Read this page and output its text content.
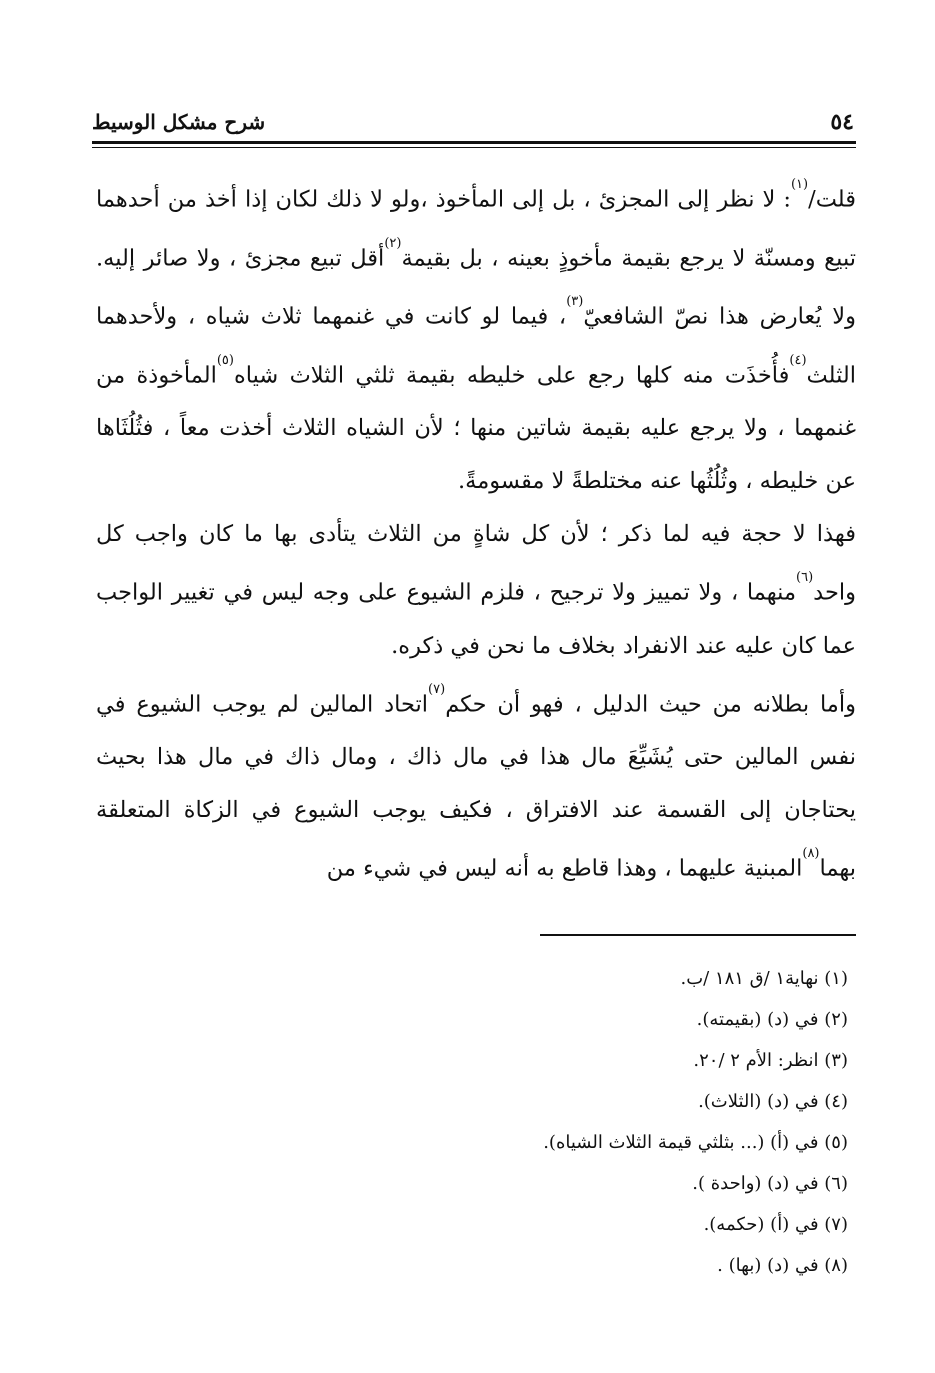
٥٤
شرح مشكل الوسيط

قلت/$^{(١)}$: لا نظر إلى المجزئ ، بل إلى المأخوذ ،ولو لا ذلك لكان إذا أخذ من أحدهما تبيع ومسنّة لا يرجع بقيمة مأخوذٍ بعينه ، بل بقيمة$^{(٢)}$أقل تبيع مجزئ ، ولا صائر إليه. ولا يُعارض هذا نصّ الشافعيّ$^{(٣)}$، فيما لو كانت في غنمهما ثلاث شياه ، ولأحدهما الثلث$^{(٤)}$فأُخذَت منه كلها رجع على خليطه بقيمة ثلثي الثلاث شياه$^{(٥)}$المأخوذة من غنمهما ، ولا يرجع عليه بقيمة شاتين منها ؛ لأن الشياه الثلاث أخذت معاً ، فثُلُثَاها عن خليطه ، وثُلُثُها عنه مختلطةً لا مقسومةً.

فهذا لا حجة فيه لما ذكر ؛ لأن كل شاةٍ من الثلاث يتأدى بها ما كان واجب كل واحد$^{(٦)}$منهما ، ولا تمييز ولا ترجيح ، فلزم الشيوع على وجه ليس في تغيير الواجب عما كان عليه عند الانفراد بخلاف ما نحن في ذكره.

وأما بطلانه من حيث الدليل ، فهو أن حكم$^{(٧)}$اتحاد المالين لم يوجب الشيوع في نفس المالين حتى يُشَيِّعَ مال هذا في مال ذاك ، ومال ذاك في مال هذا بحيث يحتاجان إلى القسمة عند الافتراق ، فكيف يوجب الشيوع في الزكاة المتعلقة بهما$^{(٨)}$المبنية عليهما ، وهذا قاطع به أنه ليس في شيء من

(١) نهاية١ /ق ١٨١ /ب.
(٢) في (د) (بقيمته).
(٣) انظر: الأم ٢ /٢٠.
(٤) في (د) (الثلاث).
(٥) في (أ) (... بثلثي قيمة الثلاث الشياه).
(٦) في (د) (واحدة ).
(٧) في (أ) (حكمه).
(٨) في (د) (بها) .
